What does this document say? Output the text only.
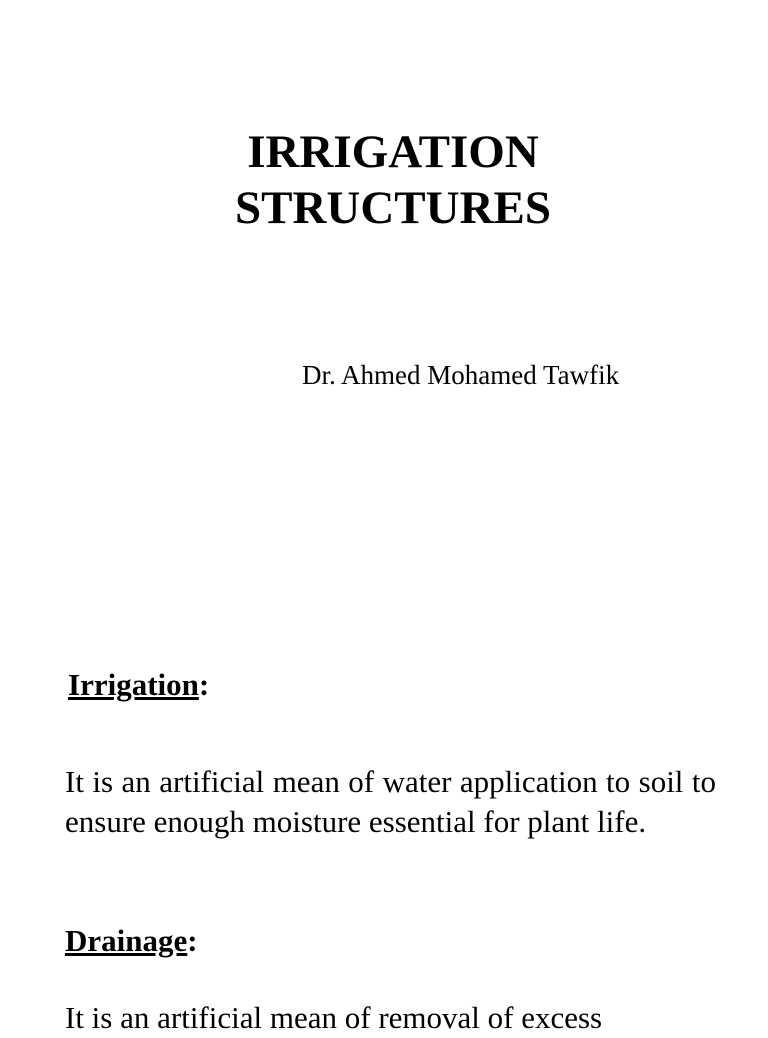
IRRIGATION
STRUCTURES

Dr. Ahmed Mohamed Tawfik

Irrigation:

It is an artificial mean of water application to soil to ensure enough moisture essential for plant life.

Drainage:

It is an artificial mean of removal of excess
